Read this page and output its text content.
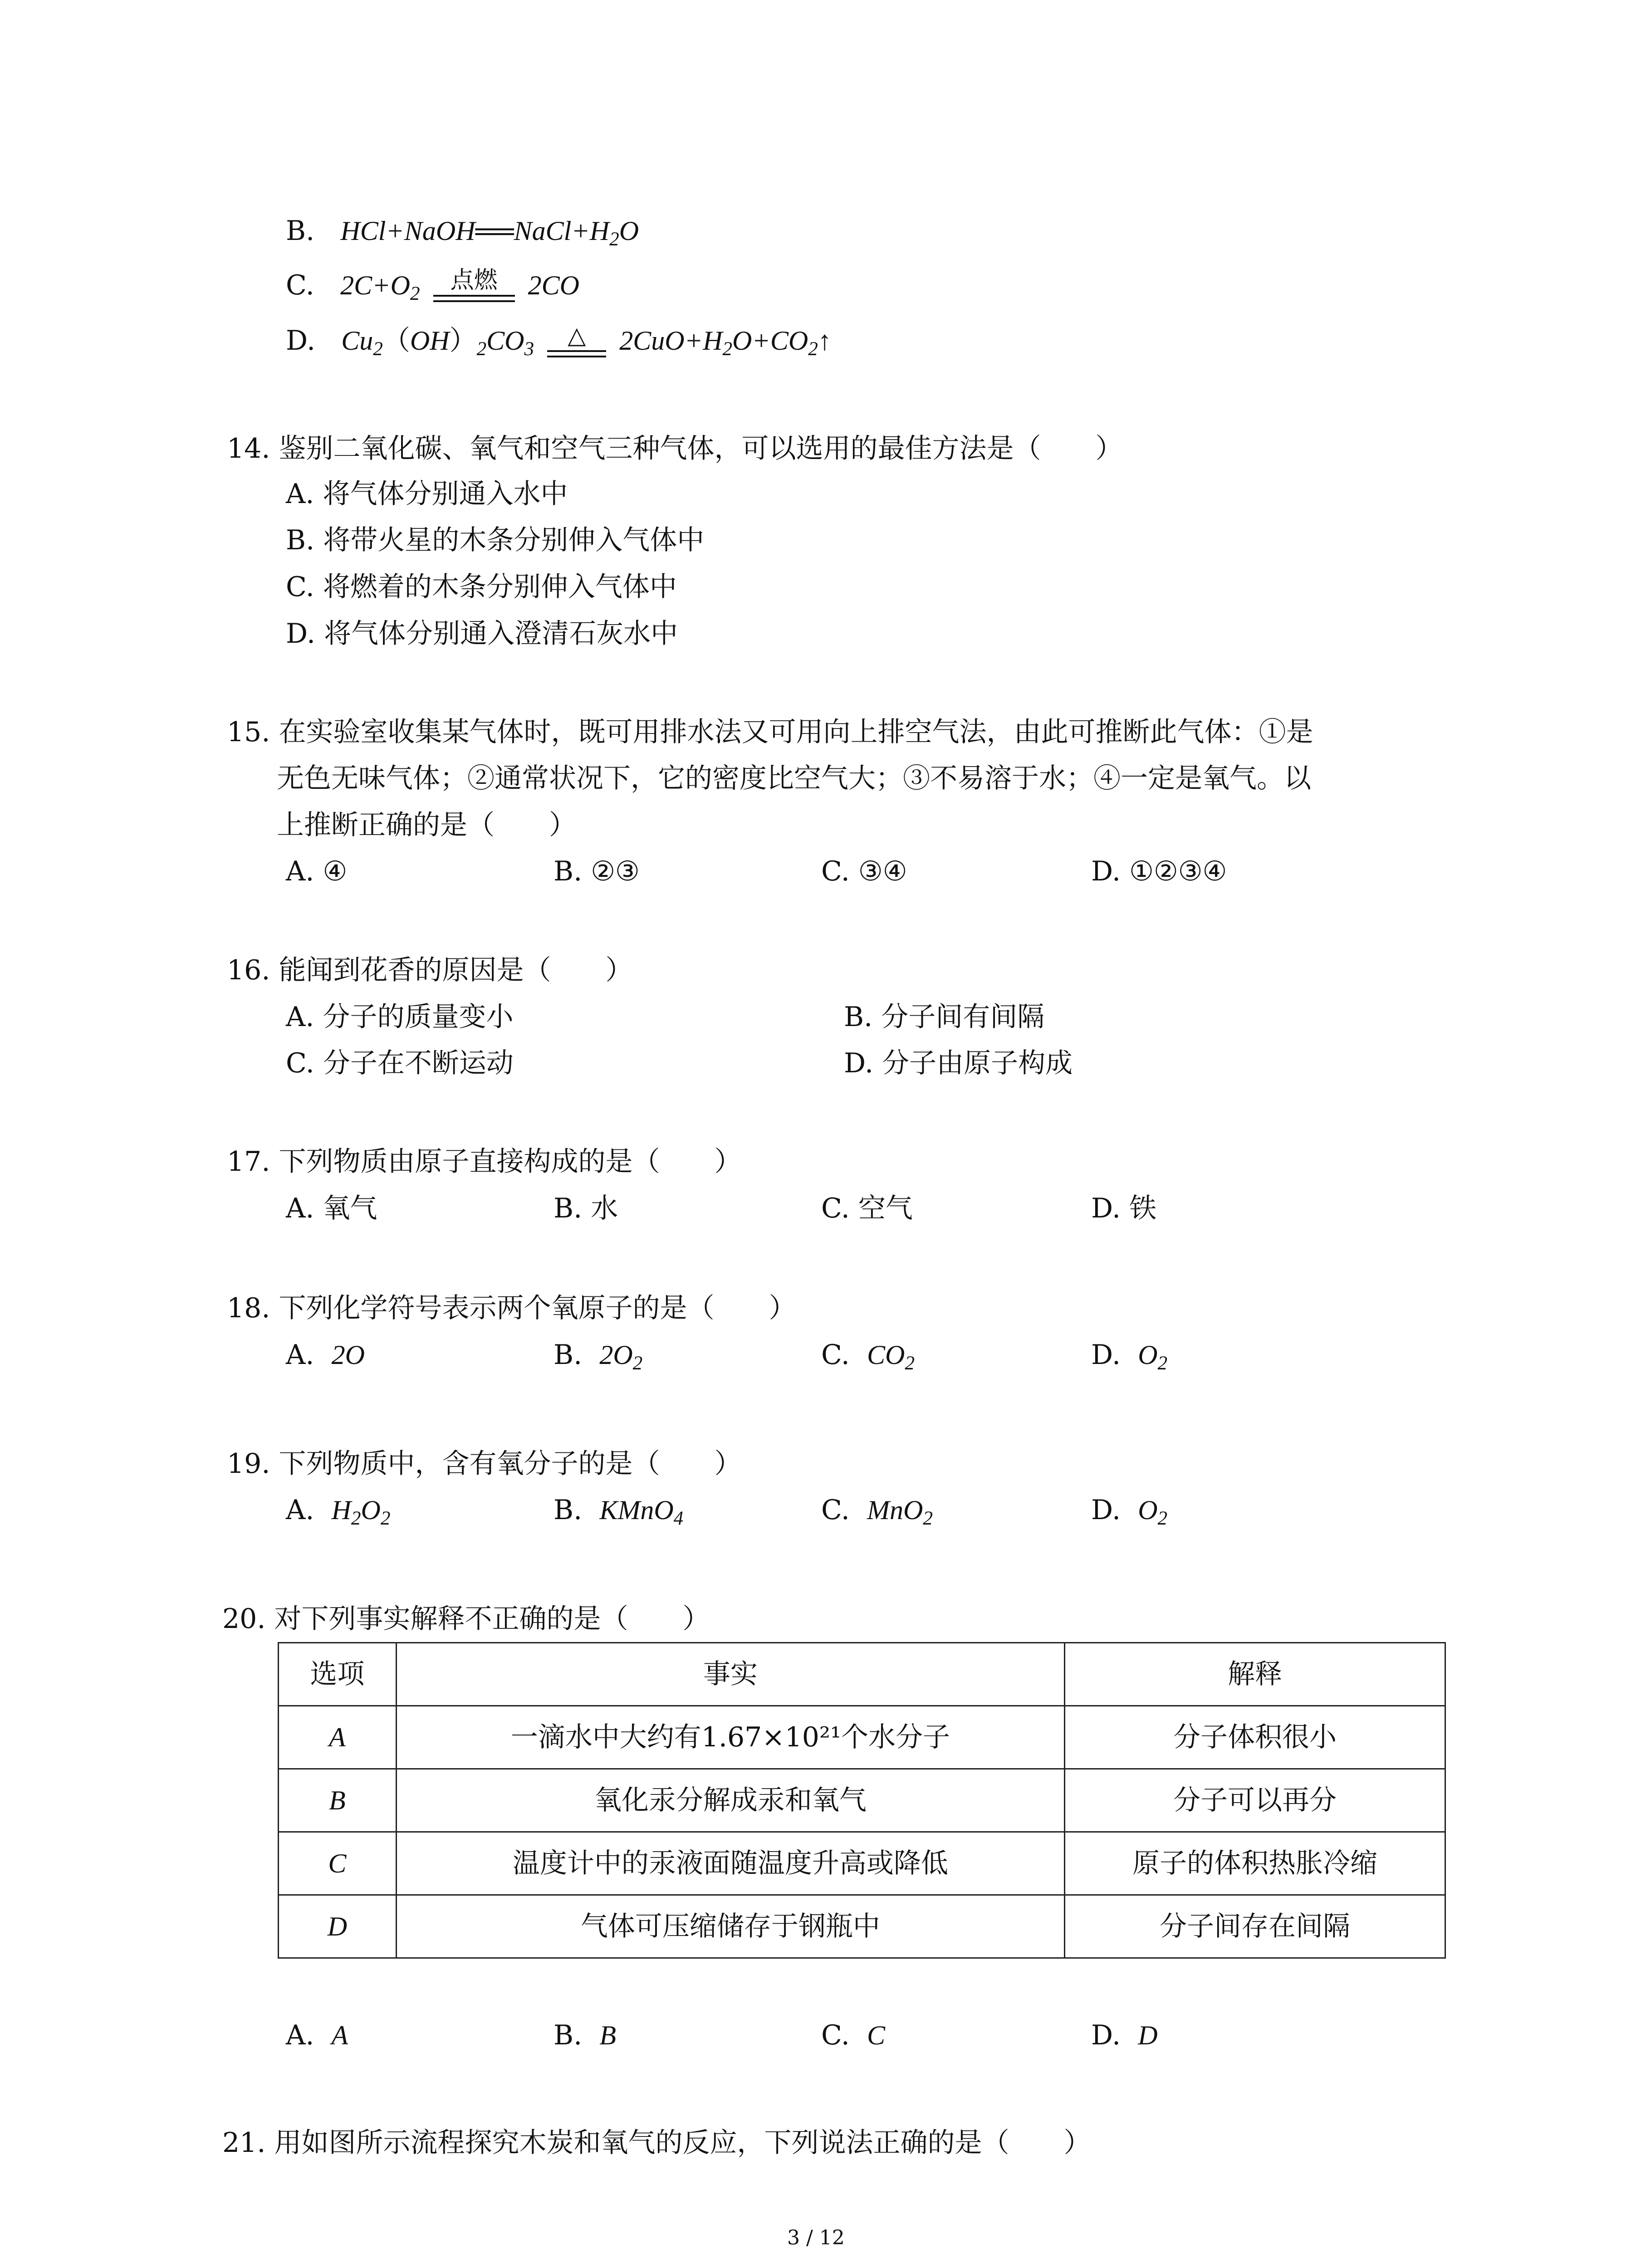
B. $HCl+NaOH══NaCl+H_2O$
C. $2C+O_2$	点燃	2CO
D. $Cu_2(OH)_2CO_3$	△	$2CuO+H_2O+CO_2↑$
14. 鉴别二氧化碳、氧气和空气三种气体，可以选用的最佳方法是（　　）
A. 将气体分别通入水中
B. 将带火星的木条分别伸入气体中
C. 将燃着的木条分别伸入气体中
D. 将气体分别通入澄清石灰水中
15. 在实验室收集某气体时，既可用排水法又可用向上排空气法，由此可推断此气体：①是
无色无味气体；②通常状况下，它的密度比空气大；③不易溶于水；④一定是氧气。以
上推断正确的是（　　）
A. ④	B. ②③	C. ③④	D. ①②③④
16. 能闻到花香的原因是（　　）
A. 分子的质量变小	B. 分子间有间隔
C. 分子在不断运动	D. 分子由原子构成
17. 下列物质由原子直接构成的是（　　）
A. 氧气	B. 水	C. 空气	D. 铁
18. 下列化学符号表示两个氧原子的是（　　）
A. 2O	B. $2O_2$	C. $CO_2$	D. $O_2$
19. 下列物质中，含有氧分子的是（　　）
A. $H_2O_2$	B. KMnO$_4$	C. MnO$_2$	D. $O_2$
20. 对下列事实解释不正确的是（　　）
选项	事实	解释
A	一滴水中大约有1.67×10²¹个水分子	分子体积很小
B	氧化汞分解成汞和氧气	分子可以再分
C	温度计中的汞液面随温度升高或降低	原子的体积热胀冷缩
D	气体可压缩储存于钢瓶中	分子间存在间隔
A. A	B. B	C. C	D. D
21. 用如图所示流程探究木炭和氧气的反应，下列说法正确的是（　　）
3 / 12
